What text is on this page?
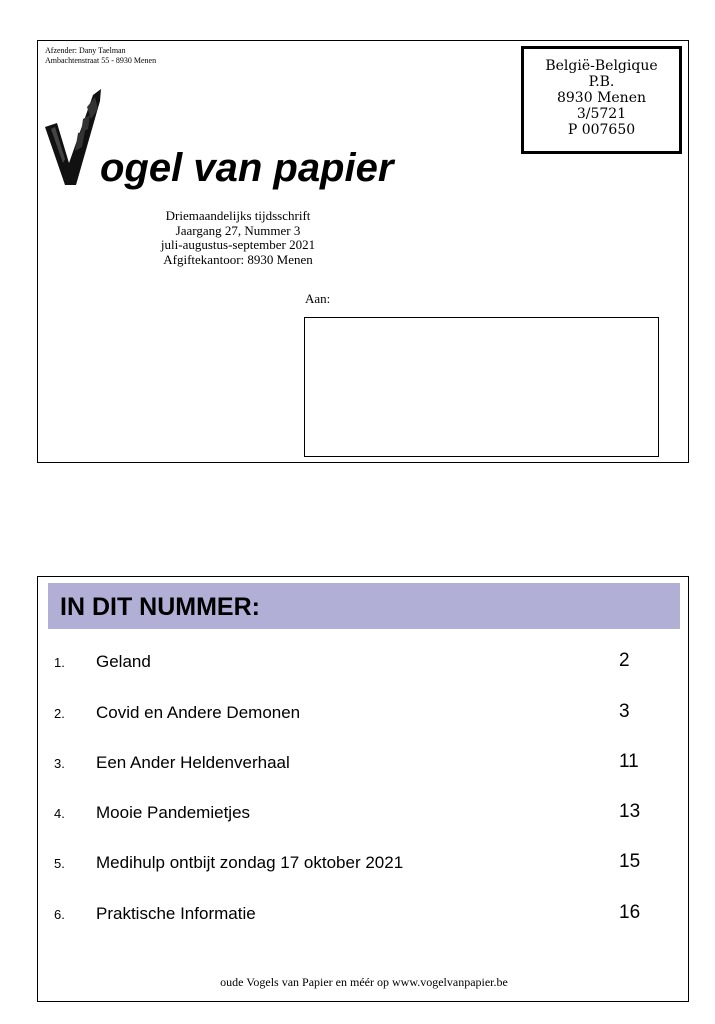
Afzender: Dany Taelman
Ambachtenstraat 55 - 8930 Menen	België-Belgique
P.B.
8930 Menen
3/5721
P 007650
ogel van papier
Driemaandelijks tijdsschrift
Jaargang 27, Nummer 3
juli-augustus-september 2021
Afgiftekantoor: 8930 Menen
Aan:
IN DIT NUMMER:
1. Geland	2
2. Covid en Andere Demonen	3
3. Een Ander Heldenverhaal	11
4. Mooie Pandemietjes	13
5. Medihulp ontbijt zondag 17 oktober 2021	15
6. Praktische Informatie	16
oude Vogels van Papier en méér op www.vogelvanpapier.be
